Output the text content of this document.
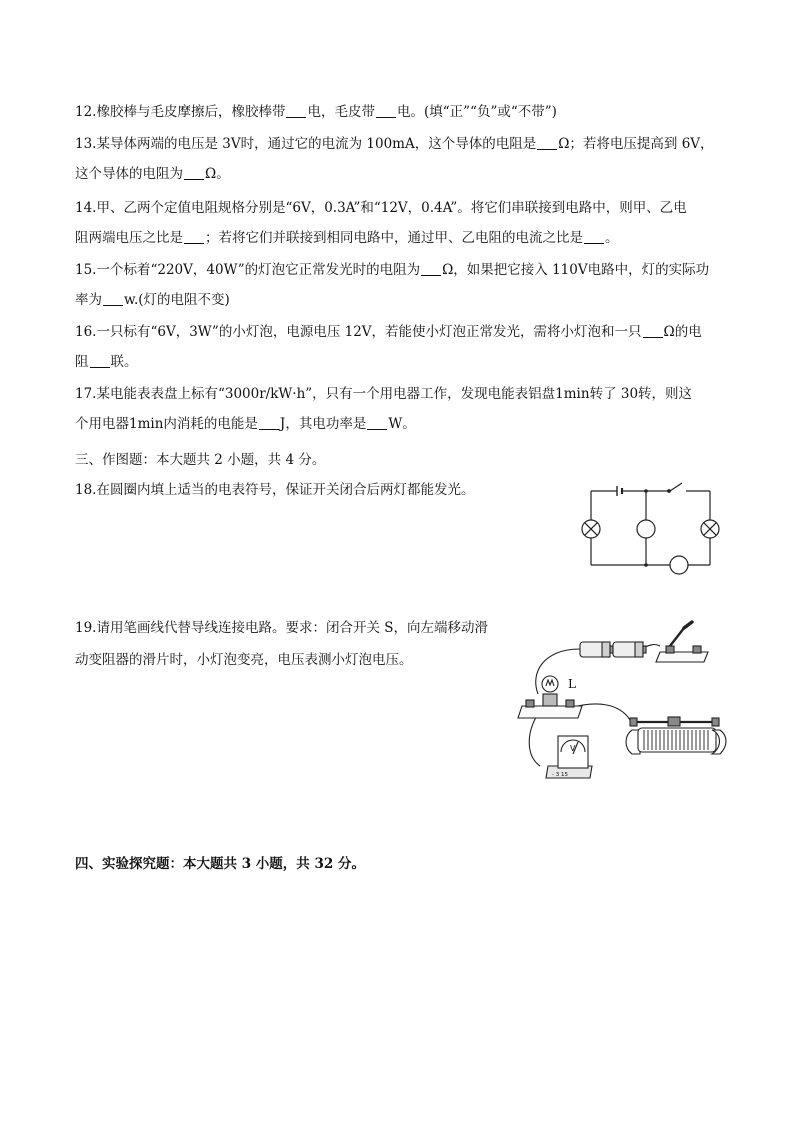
12.橡胶棒与毛皮摩擦后，橡胶棒带 电，毛皮带 电。(填“正”“负”或“不带”)
13.某导体两端的电压是 3V时，通过它的电流为 100mA，这个导体的电阻是 Ω；若将电压提高到 6V，
这个导体的电阻为 Ω。
14.甲、乙两个定值电阻规格分别是“6V，0.3A”和“12V，0.4A”。将它们串联接到电路中，则甲、乙电
阻两端电压之比是 ；若将它们并联接到相同电路中，通过甲、乙电阻的电流之比是 。
15.一个标着“220V，40W”的灯泡它正常发光时的电阻为 Ω，如果把它接入 110V电路中，灯的实际功
率为 w.(灯的电阻不变)
16.一只标有“6V，3W”的小灯泡，电源电压 12V，若能使小灯泡正常发光，需将小灯泡和一只 Ω的电
阻 联。
17.某电能表表盘上标有“3000r/kW·h”，只有一个用电器工作，发现电能表铝盘1min转了 30转，则这
个用电器1min内消耗的电能是 J，其电功率是 W。
三、作图题：本大题共 2 小题，共 4 分。
18.在圆圈内填上适当的电表符号，保证开关闭合后两灯都能发光。
19.请用笔画线代替导线连接电路。要求：闭合开关 S，向左端移动滑
动变阻器的滑片时，小灯泡变亮，电压表测小灯泡电压。
L
V
- 3 15
四、实验探究题：本大题共 3 小题，共 32 分。
